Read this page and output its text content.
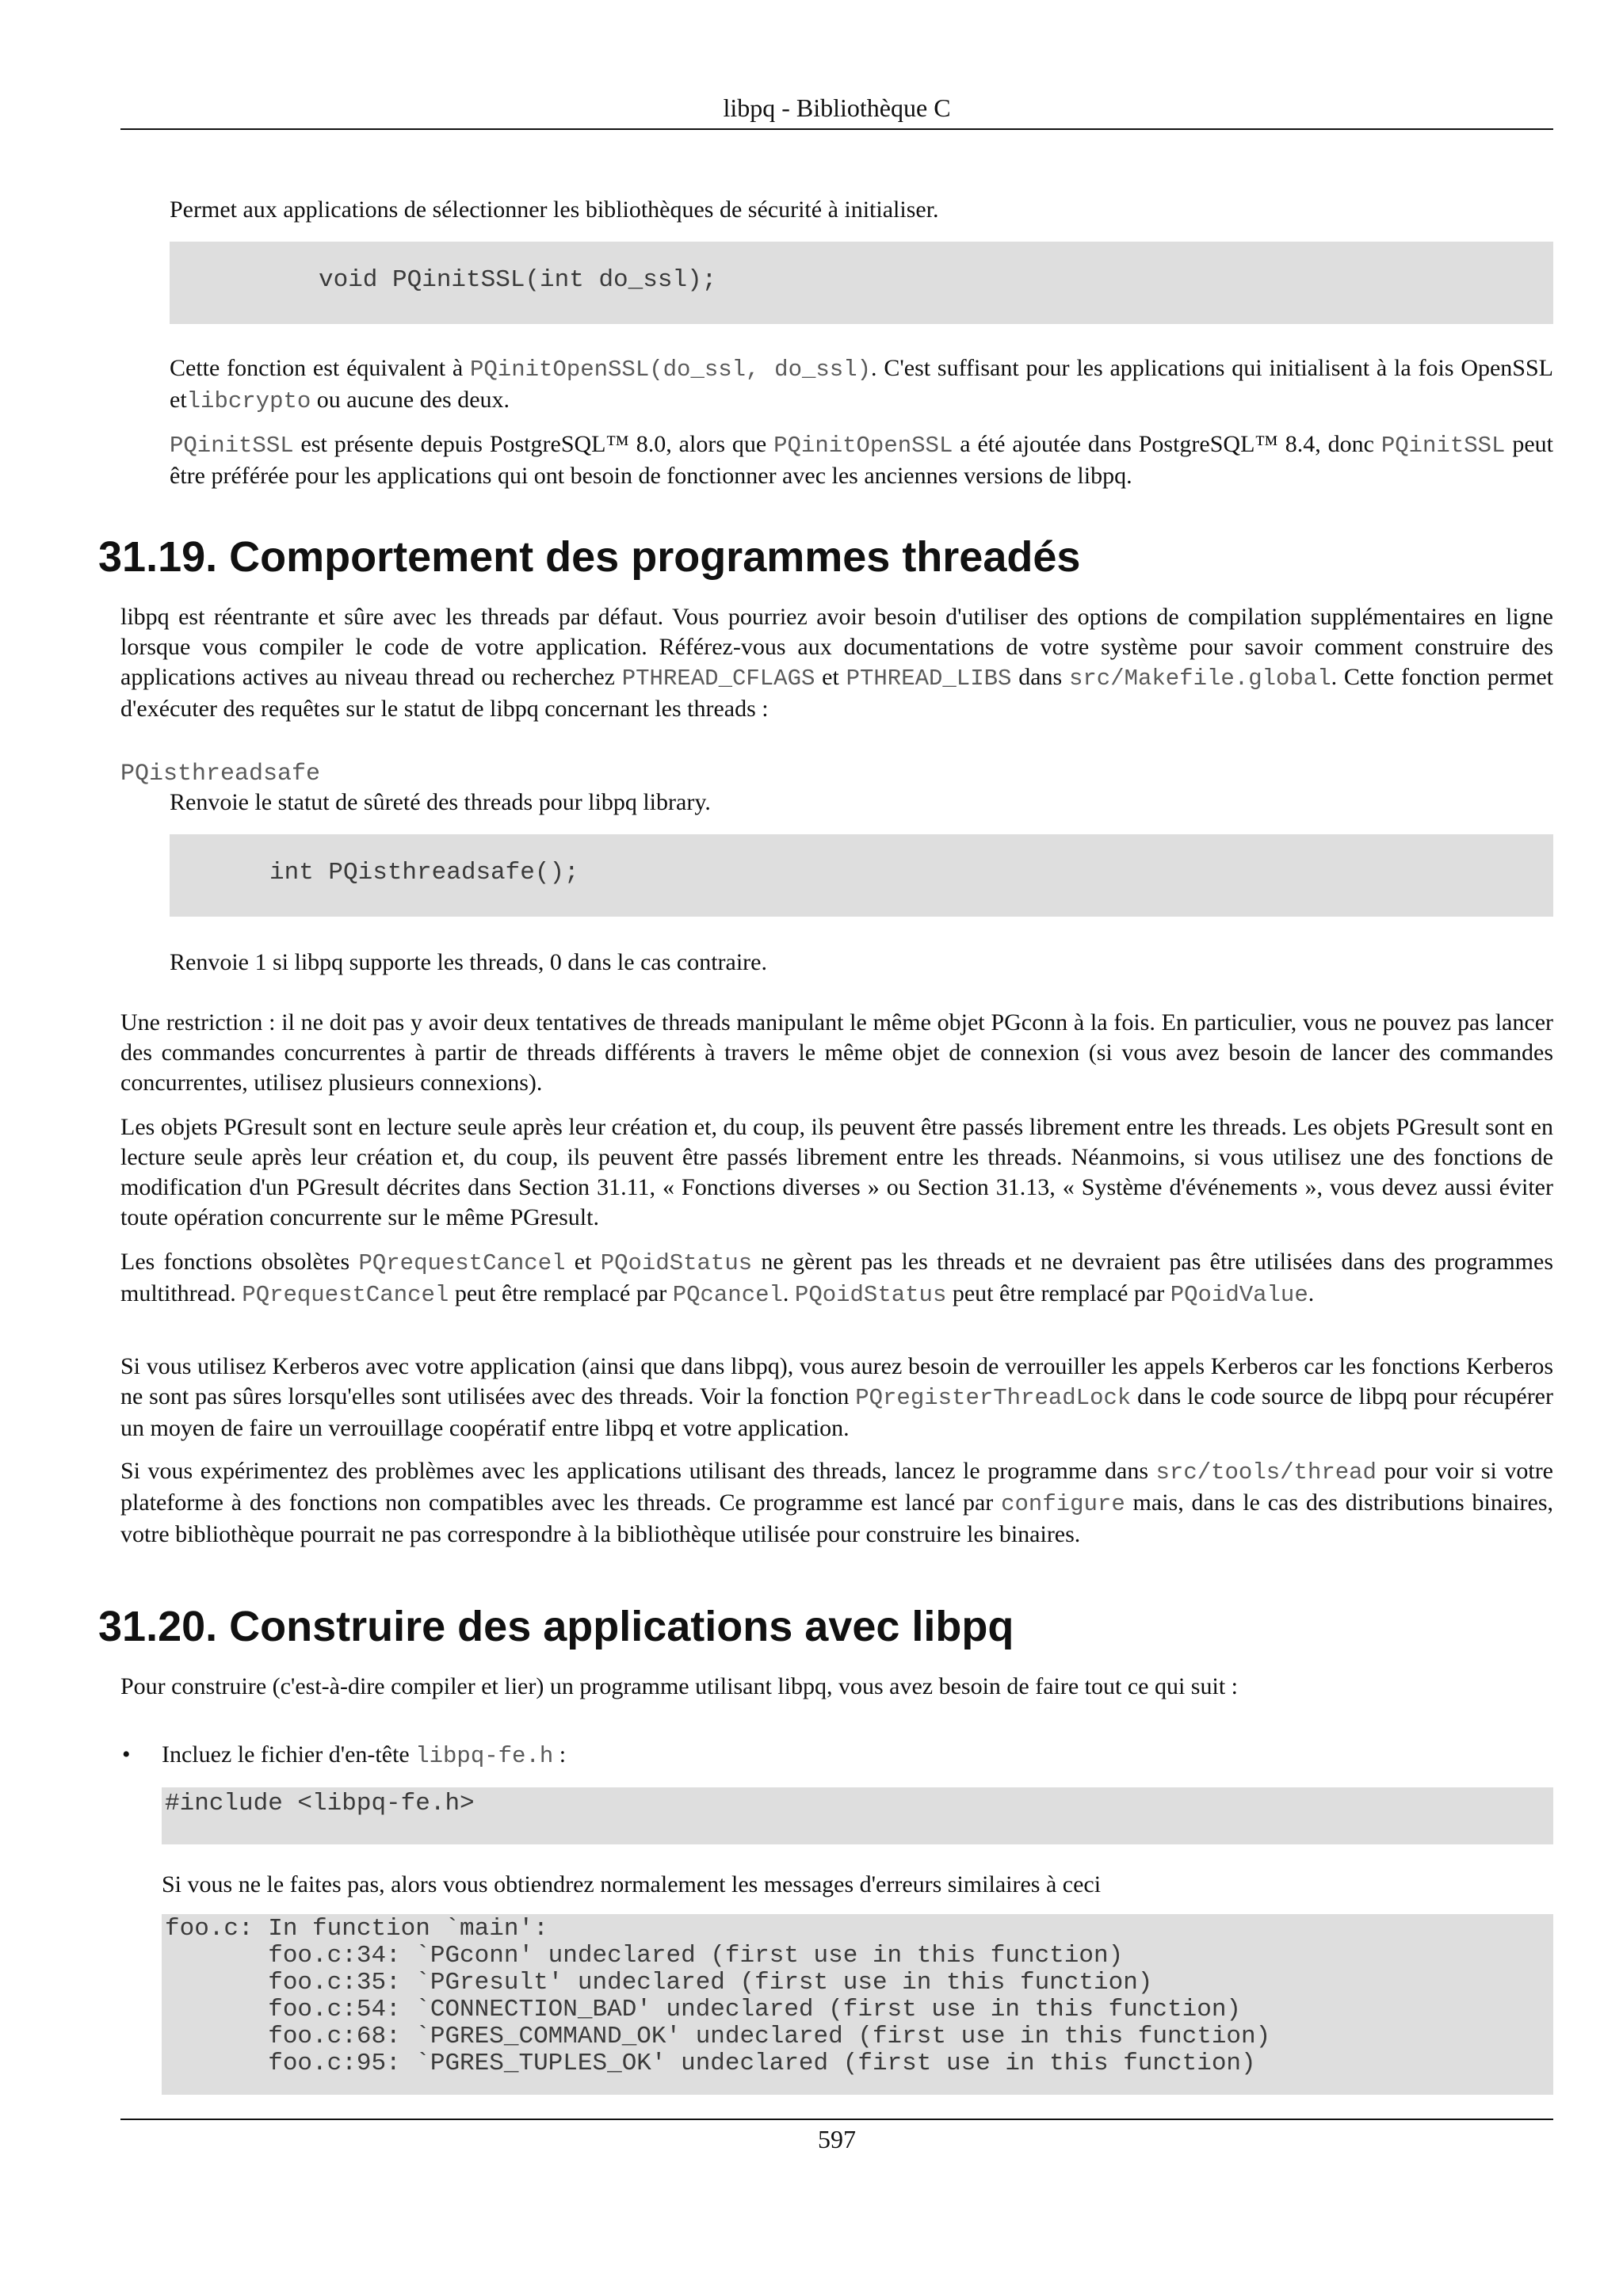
libpq - Bibliothèque C

Permet aux applications de sélectionner les bibliothèques de sécurité à initialiser.

void PQinitSSL(int do_ssl);

Cette fonction est équivalent à PQinitOpenSSL(do_ssl, do_ssl). C'est suffisant pour les applications qui initialisent à la fois OpenSSL etlibcrypto ou aucune des deux.

PQinitSSL est présente depuis PostgreSQL™ 8.0, alors que PQinitOpenSSL a été ajoutée dans PostgreSQL™ 8.4, donc PQinitSSL peut être préférée pour les applications qui ont besoin de fonctionner avec les anciennes versions de libpq.

31.19. Comportement des programmes threadés

libpq est réentrante et sûre avec les threads par défaut. Vous pourriez avoir besoin d'utiliser des options de compilation supplémentaires en ligne lorsque vous compiler le code de votre application. Référez-vous aux documentations de votre système pour savoir comment construire des applications actives au niveau thread ou recherchez PTHREAD_CFLAGS et PTHREAD_LIBS dans src/Makefile.global. Cette fonction permet d'exécuter des requêtes sur le statut de libpq concernant les threads :

PQisthreadsafe

Renvoie le statut de sûreté des threads pour libpq library.

int PQisthreadsafe();

Renvoie 1 si libpq supporte les threads, 0 dans le cas contraire.

Une restriction : il ne doit pas y avoir deux tentatives de threads manipulant le même objet PGconn à la fois. En particulier, vous ne pouvez pas lancer des commandes concurrentes à partir de threads différents à travers le même objet de connexion (si vous avez besoin de lancer des commandes concurrentes, utilisez plusieurs connexions).

Les objets PGresult sont en lecture seule après leur création et, du coup, ils peuvent être passés librement entre les threads. Les objets PGresult sont en lecture seule après leur création et, du coup, ils peuvent être passés librement entre les threads. Néanmoins, si vous utilisez une des fonctions de modification d'un PGresult décrites dans Section 31.11, « Fonctions diverses » ou Section 31.13, « Système d'événements », vous devez aussi éviter toute opération concurrente sur le même PGresult.

Les fonctions obsolètes PQrequestCancel et PQoidStatus ne gèrent pas les threads et ne devraient pas être utilisées dans des programmes multithread. PQrequestCancel peut être remplacé par PQcancel. PQoidStatus peut être remplacé par PQoidValue.

Si vous utilisez Kerberos avec votre application (ainsi que dans libpq), vous aurez besoin de verrouiller les appels Kerberos car les fonctions Kerberos ne sont pas sûres lorsqu'elles sont utilisées avec des threads. Voir la fonction PQregisterThreadLock dans le code source de libpq pour récupérer un moyen de faire un verrouillage coopératif entre libpq et votre application.

Si vous expérimentez des problèmes avec les applications utilisant des threads, lancez le programme dans src/tools/thread pour voir si votre plateforme à des fonctions non compatibles avec les threads. Ce programme est lancé par configure mais, dans le cas des distributions binaires, votre bibliothèque pourrait ne pas correspondre à la bibliothèque utilisée pour construire les binaires.

31.20. Construire des applications avec libpq

Pour construire (c'est-à-dire compiler et lier) un programme utilisant libpq, vous avez besoin de faire tout ce qui suit :

• Incluez le fichier d'en-tête libpq-fe.h :

#include <libpq-fe.h>

Si vous ne le faites pas, alors vous obtiendrez normalement les messages d'erreurs similaires à ceci

foo.c: In function `main':
foo.c:34: `PGconn' undeclared (first use in this function)
foo.c:35: `PGresult' undeclared (first use in this function)
foo.c:54: `CONNECTION_BAD' undeclared (first use in this function)
foo.c:68: `PGRES_COMMAND_OK' undeclared (first use in this function)
foo.c:95: `PGRES_TUPLES_OK' undeclared (first use in this function)
597
